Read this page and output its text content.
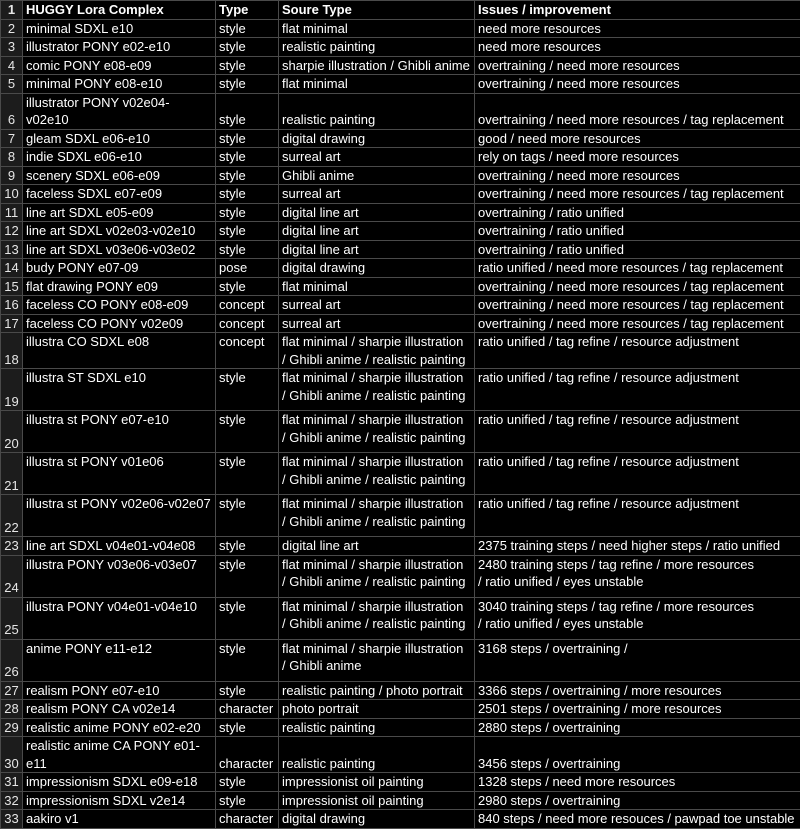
1	HUGGY Lora Complex	Type	Soure Type	Issues / improvement
2	minimal SDXL e10	style	flat minimal	need more resources
3	illustrator PONY e02-e10	style	realistic painting	need more resources
4	comic PONY e08-e09	style	sharpie illustration / Ghibli anime	overtraining / need more resources
5	minimal PONY e08-e10	style	flat minimal	overtraining / need more resources
6	illustrator PONY v02e04-v02e10	style	realistic painting	overtraining / need more resources / tag replacement
7	gleam SDXL e06-e10	style	digital drawing	good / need more resources
8	indie SDXL e06-e10	style	surreal art	rely on tags / need more resources
9	scenery SDXL e06-e09	style	Ghibli anime	overtraining / need more resources
10	faceless SDXL e07-e09	style	surreal art	overtraining / need more resources / tag replacement
11	line art SDXL e05-e09	style	digital line art	overtraining / ratio unified
12	line art SDXL v02e03-v02e10	style	digital line art	overtraining / ratio unified
13	line art SDXL v03e06-v03e02	style	digital line art	overtraining / ratio unified
14	budy PONY e07-09	pose	digital drawing	ratio unified / need more resources / tag replacement
15	flat drawing PONY e09	style	flat minimal	overtraining / need more resources / tag replacement
16	faceless CO PONY e08-e09	concept	surreal art	overtraining / need more resources / tag replacement
17	faceless CO PONY v02e09	concept	surreal art	overtraining / need more resources / tag replacement
18	illustra CO SDXL e08	concept	flat minimal / sharpie illustration
/ Ghibli anime / realistic painting	ratio unified / tag refine / resource adjustment
19	illustra ST SDXL e10	style	flat minimal / sharpie illustration
/ Ghibli anime / realistic painting	ratio unified / tag refine / resource adjustment
20	illustra st PONY e07-e10	style	flat minimal / sharpie illustration
/ Ghibli anime / realistic painting	ratio unified / tag refine / resource adjustment
21	illustra st PONY v01e06	style	flat minimal / sharpie illustration
/ Ghibli anime / realistic painting	ratio unified / tag refine / resource adjustment
22	illustra st PONY v02e06-v02e07	style	flat minimal / sharpie illustration
/ Ghibli anime / realistic painting	ratio unified / tag refine / resource adjustment
23	line art SDXL v04e01-v04e08	style	digital line art	2375 training steps / need higher steps / ratio unified
24	illustra PONY v03e06-v03e07	style	flat minimal / sharpie illustration
/ Ghibli anime / realistic painting	2480 training steps / tag refine / more resources
/ ratio unified / eyes unstable
25	illustra PONY v04e01-v04e10	style	flat minimal / sharpie illustration
/ Ghibli anime / realistic painting	3040 training steps / tag refine / more resources
/ ratio unified / eyes unstable
26	anime PONY e11-e12	style	flat minimal / sharpie illustration
/ Ghibli anime	3168 steps / overtraining /
27	realism PONY e07-e10	style	realistic painting / photo portrait	3366 steps / overtraining / more resources
28	realism PONY CA v02e14	character	photo portrait	2501 steps / overtraining / more resources
29	realistic anime PONY e02-e20	style	realistic painting	2880 steps / overtraining
30	realistic anime CA PONY e01-e11	character	realistic painting	3456 steps / overtraining
31	impressionism SDXL e09-e18	style	impressionist oil painting	1328 steps / need more resources
32	impressionism SDXL v2e14	style	impressionist oil painting	2980 steps / overtraining
33	aakiro v1	character	digital drawing	840 steps / need more resouces / pawpad toe unstable
